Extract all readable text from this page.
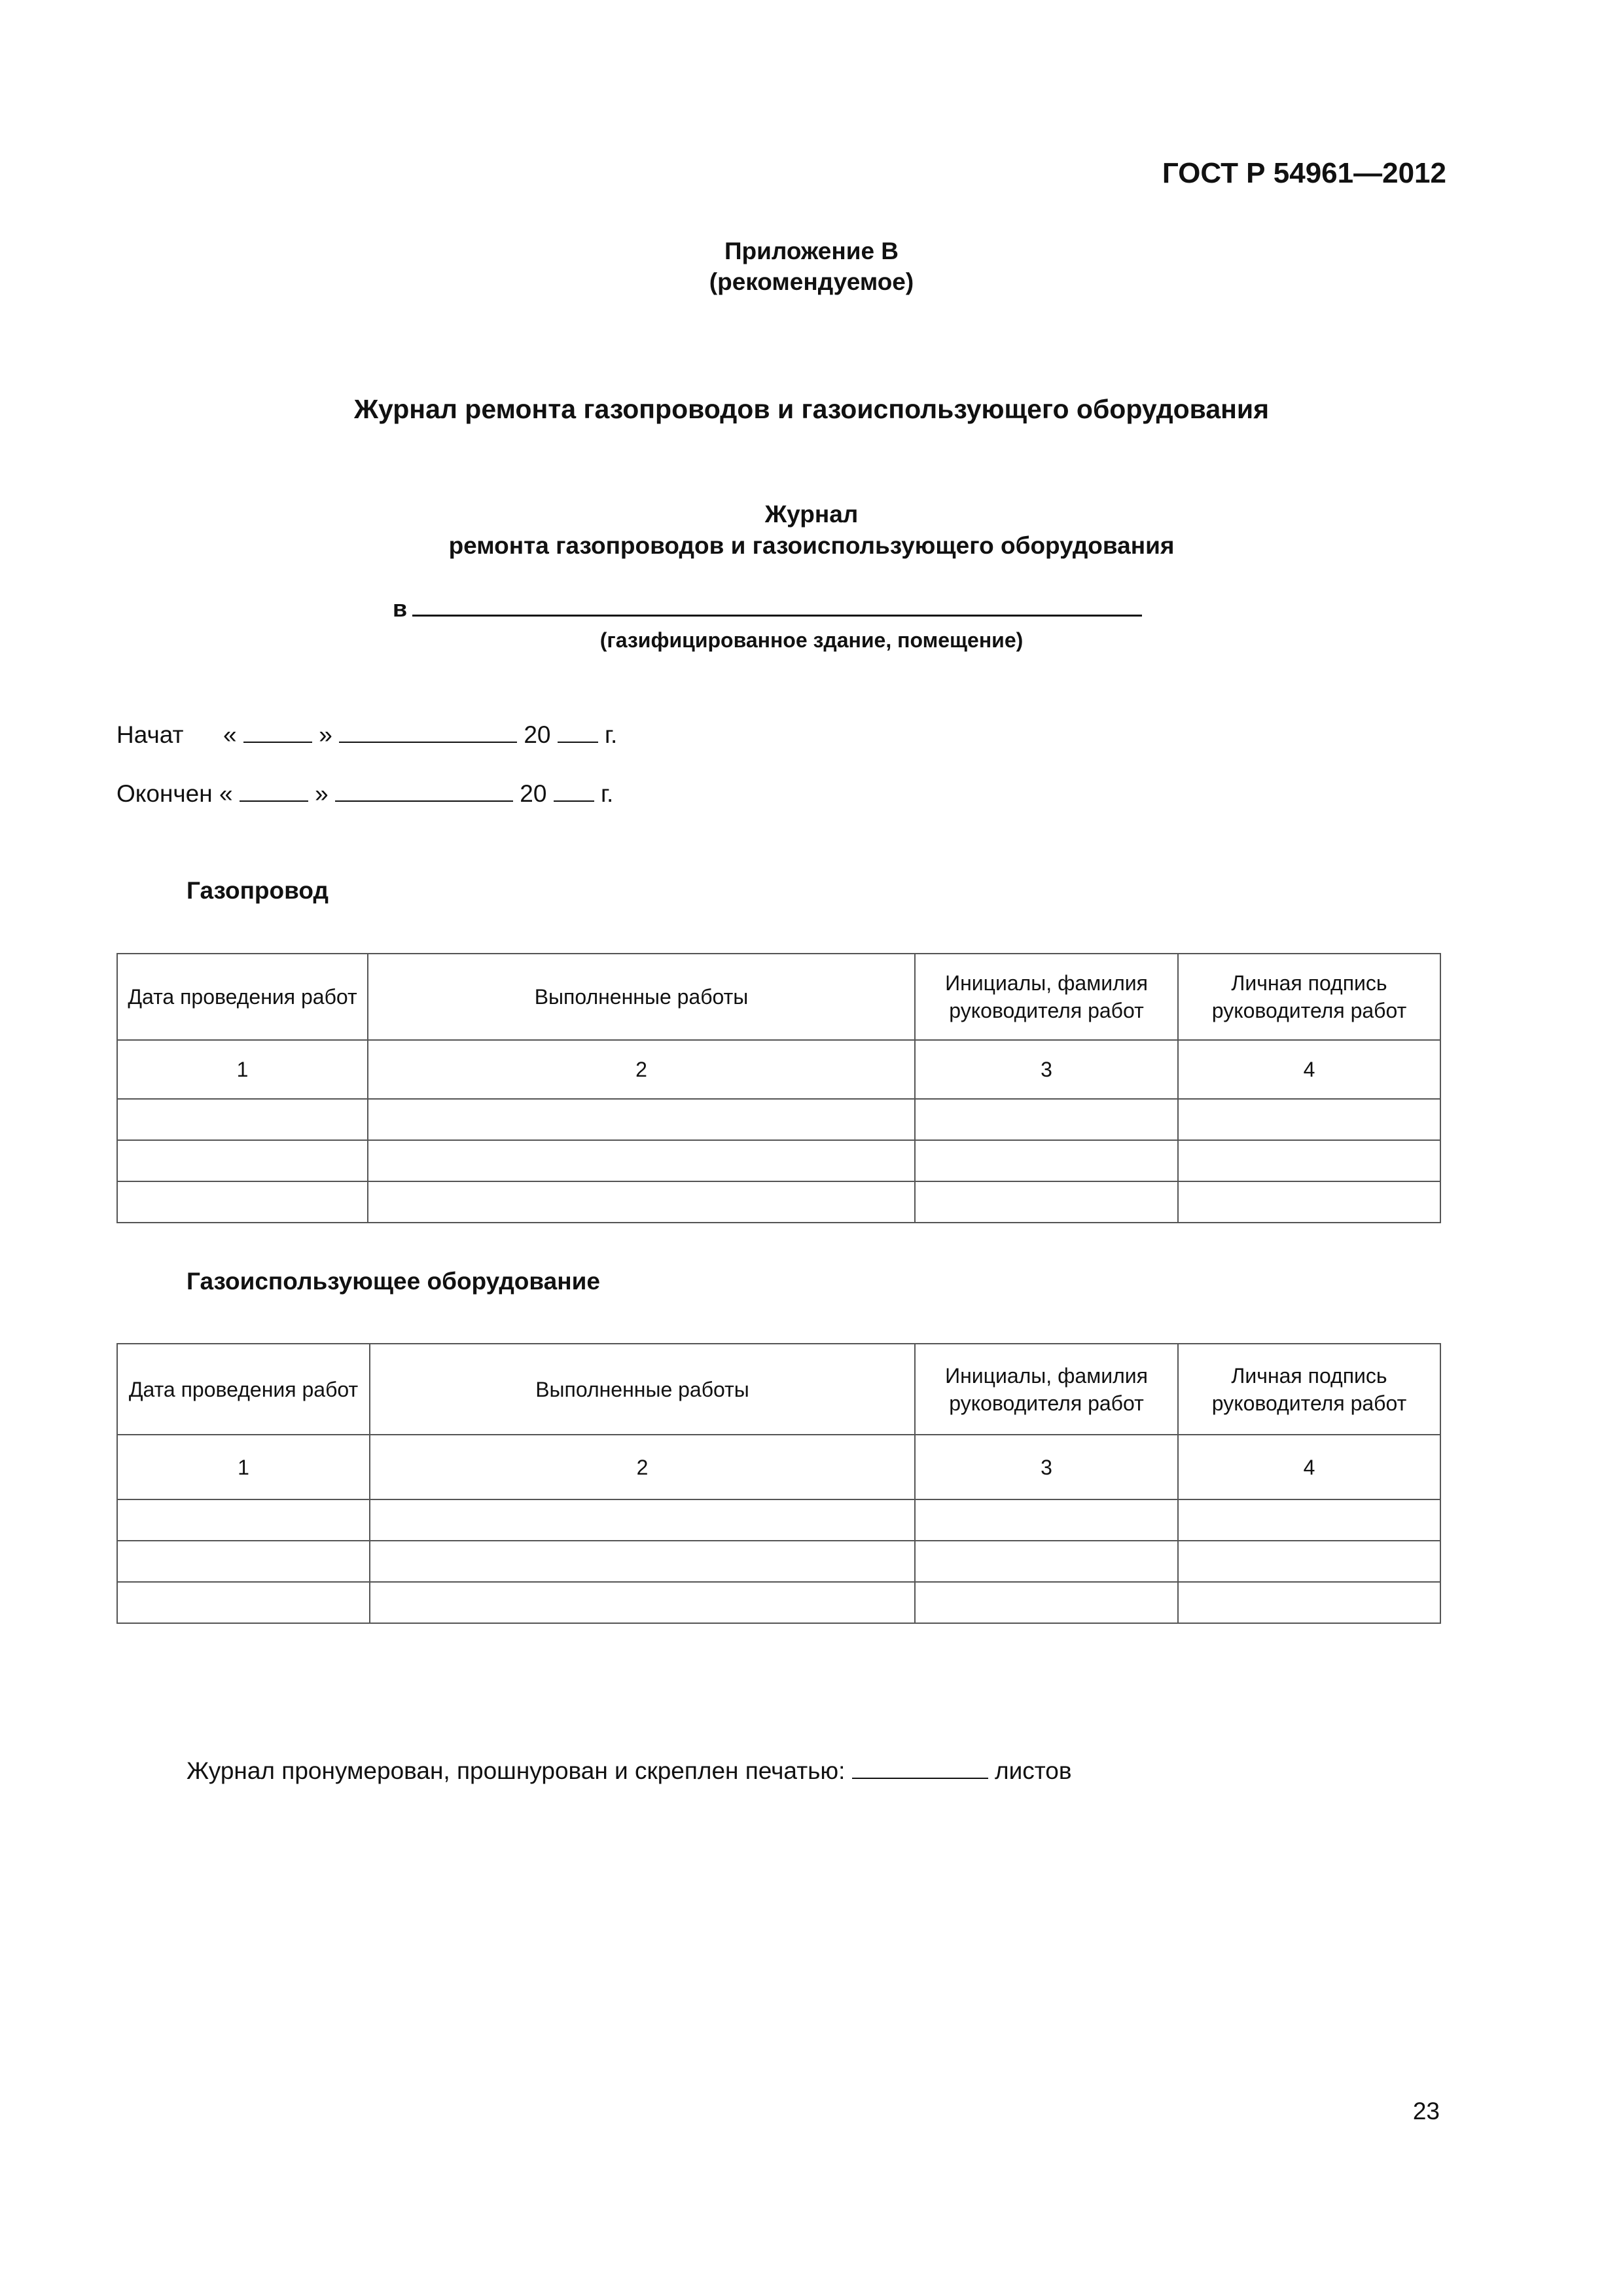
ГОСТ Р 54961—2012
Приложение В
(рекомендуемое)
Журнал ремонта газопроводов и газоиспользующего оборудования
Журнал
ремонта газопроводов и газоиспользующего оборудования
в
(газифицированное здание, помещение)
Начат «	»	20 г.
Окончен «	»	20 г.
Газопровод
Дата проведения работ	Выполненные работы	Инициалы, фамилия руководителя работ	Личная подпись руководителя работ
1	2	3	4

Газоиспользующее оборудование
Дата проведения работ	Выполненные работы	Инициалы, фамилия руководителя работ	Личная подпись руководителя работ
1	2	3	4

Журнал пронумерован, прошнурован и скреплен печатью:	листов
23
